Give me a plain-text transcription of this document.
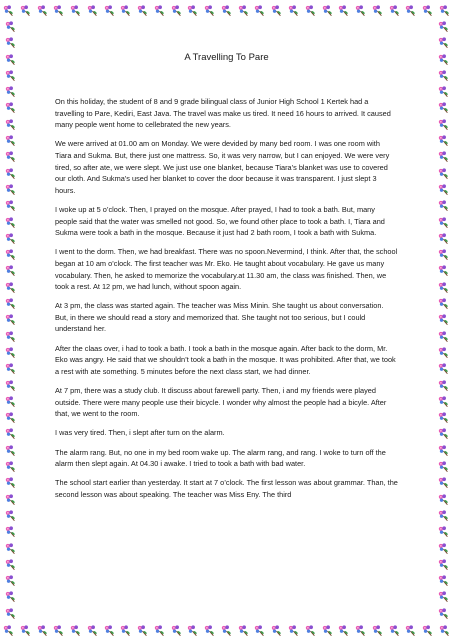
A Travelling To Pare

On this holiday, the student of 8 and 9 grade bilingual class of Junior High School 1 Kertek had a travelling to Pare, Kediri, East Java. The travel was make us tired. It need 16 hours to arrived. It caused many people went home to cellebrated the new years.

We were arrived at 01.00 am on Monday. We were devided by many bed room. I was one room with Tiara and Sukma. But, there just one mattress. So, it was very narrow, but I can enjoyed. We were very tired, so after ate, we were slept. We just use one blanket, because Tiara’s blanket was use to covered our cloth. And Sukma’s used her blanket to cover the door because it was transparent. I just slept 3 hours.

I woke up at 5 o’clock. Then, I prayed on the mosque. After prayed, I had to took a bath. But, many people said that the water was smelled not good. So, we found other place to took a bath. I, Tiara and Sukma were took a bath in the mosque. Because it just had 2 bath room, I took a bath with Sukma.

I went to the dorm. Then, we had breakfast. There was no spoon.Nevermind, I think. After that, the school began at 10 am o’clock. The first teacher was Mr. Eko. He taught about vocabulary. He gave us many vocabulary. Then, he asked to memorize the vocabulary.at 11.30 am, the class was finished. Then, we took a rest. At 12 pm, we had lunch, without spoon again.

At 3 pm, the class was started again. The teacher was Miss Minin. She taught us about conversation. But, in there we should read a story and memorized that. She taught not too serious, but I could understand her.

After the claas over, i had to took a bath. I took a bath in the mosque again. After back to the dorm, Mr. Eko was angry. He said that we shouldn’t took a bath in the mosque. It was prohibited. After that, we took a rest with ate something. 5 minutes before the next class start, we had dinner.

At 7 pm, there was a study club. It discuss about farewell party. Then, i and my friends were played outside. There were many people use their bicycle. I wonder why almost the people had a bicyle. After that, we went to the room.

I was very tired. Then, i slept after turn on the alarm.

The alarm rang. But, no one in my bed room wake up. The alarm rang, and rang. I woke to turn off the alarm then slept again. At 04.30 i awake. I tried to took a bath with bad water.

The school start earlier than yesterday. It start at 7 o’clock. The first lesson was about grammar. Than, the second lesson was about speaking. The teacher was Miss Eny. The third
